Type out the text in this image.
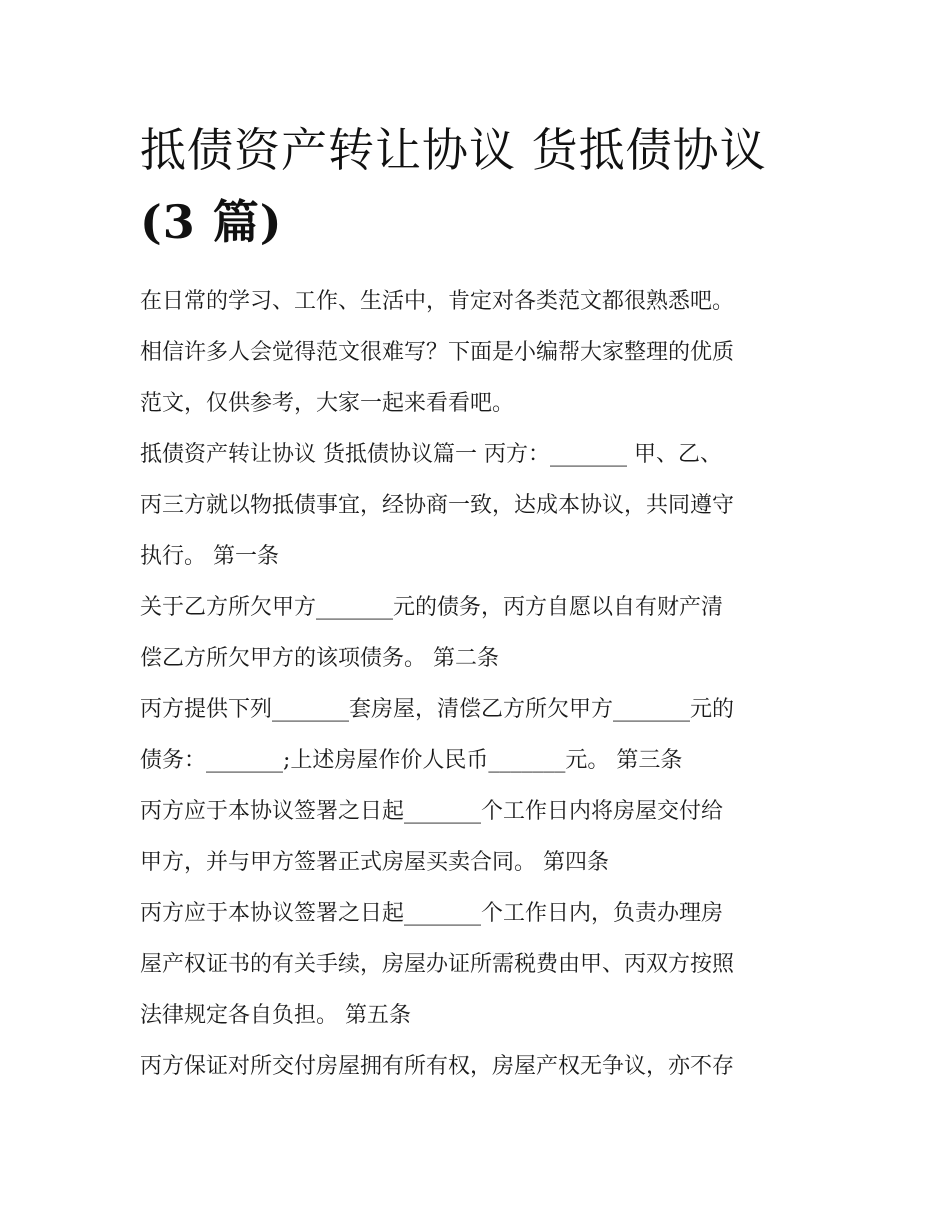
抵债资产转让协议 货抵债协议
(3 篇)
在日常的学习、工作、生活中，肯定对各类范文都很熟悉吧。
相信许多人会觉得范文很难写？下面是小编帮大家整理的优质
范文，仅供参考，大家一起来看看吧。
抵债资产转让协议 货抵债协议篇一 丙方：_______ 甲、乙、
丙三方就以物抵债事宜，经协商一致，达成本协议，共同遵守
执行。 第一条
关于乙方所欠甲方_______元的债务，丙方自愿以自有财产清
偿乙方所欠甲方的该项债务。 第二条
丙方提供下列_______套房屋，清偿乙方所欠甲方_______元的
债务：_______;上述房屋作价人民币_______元。 第三条
丙方应于本协议签署之日起_______个工作日内将房屋交付给
甲方，并与甲方签署正式房屋买卖合同。 第四条
丙方应于本协议签署之日起_______个工作日内，负责办理房
屋产权证书的有关手续，房屋办证所需税费由甲、丙双方按照
法律规定各自负担。 第五条
丙方保证对所交付房屋拥有所有权，房屋产权无争议，亦不存
